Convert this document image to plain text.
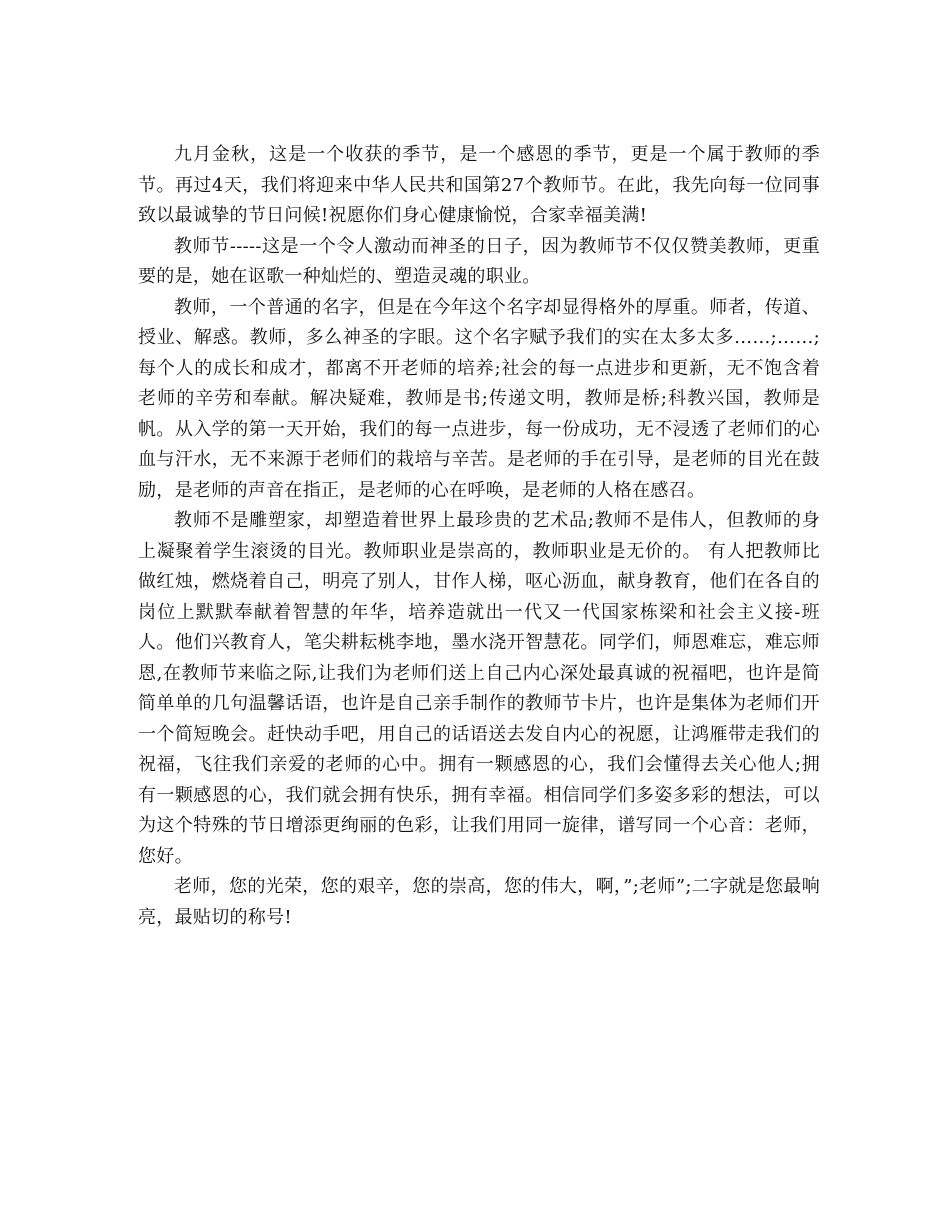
九月金秋，这是一个收获的季节，是一个感恩的季节，更是一个属于教师的季节。再过4天，我们将迎来中华人民共和国第27个教师节。在此，我先向每一位同事致以最诚挚的节日问候!祝愿你们身心健康愉悦，合家幸福美满!

教师节-----这是一个令人激动而神圣的日子，因为教师节不仅仅赞美教师，更重要的是，她在讴歌一种灿烂的、塑造灵魂的职业。

教师，一个普通的名字，但是在今年这个名字却显得格外的厚重。师者，传道、授业、解惑。教师，多么神圣的字眼。这个名字赋予我们的实在太多太多……;……;每个人的成长和成才，都离不开老师的培养;社会的每一点进步和更新，无不饱含着老师的辛劳和奉献。解决疑难，教师是书;传递文明，教师是桥;科教兴国，教师是帆。从入学的第一天开始，我们的每一点进步，每一份成功，无不浸透了老师们的心血与汗水，无不来源于老师们的栽培与辛苦。是老师的手在引导，是老师的目光在鼓励，是老师的声音在指正，是老师的心在呼唤，是老师的人格在感召。

教师不是雕塑家，却塑造着世界上最珍贵的艺术品;教师不是伟人，但教师的身上凝聚着学生滚烫的目光。教师职业是崇高的，教师职业是无价的。 有人把教师比做红烛，燃烧着自己，明亮了别人，甘作人梯，呕心沥血，献身教育，他们在各自的岗位上默默奉献着智慧的年华，培养造就出一代又一代国家栋梁和社会主义接-班人。他们兴教育人，笔尖耕耘桃李地，墨水浇开智慧花。同学们，师恩难忘，难忘师恩,在教师节来临之际,让我们为老师们送上自己内心深处最真诚的祝福吧，也许是简简单单的几句温馨话语，也许是自己亲手制作的教师节卡片，也许是集体为老师们开一个简短晚会。赶快动手吧，用自己的话语送去发自内心的祝愿，让鸿雁带走我们的祝福，飞往我们亲爱的老师的心中。拥有一颗感恩的心，我们会懂得去关心他人;拥有一颗感恩的心，我们就会拥有快乐，拥有幸福。相信同学们多姿多彩的想法，可以为这个特殊的节日增添更绚丽的色彩，让我们用同一旋律，谱写同一个心音：老师，您好。

老师，您的光荣，您的艰辛，您的崇高，您的伟大，啊，”;老师”;二字就是您最响亮，最贴切的称号!
